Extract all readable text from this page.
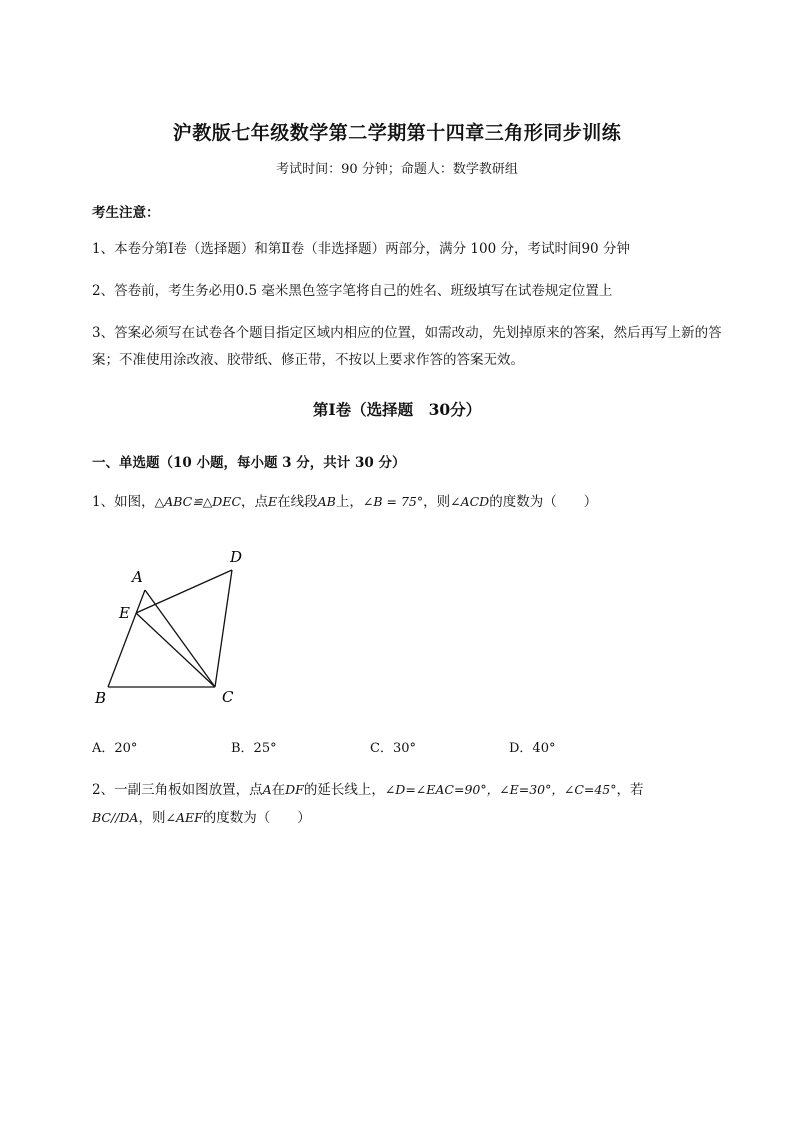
沪教版七年级数学第二学期第十四章三角形同步训练
考试时间：90 分钟；命题人：数学教研组
考生注意：
1、本卷分第Ⅰ卷（选择题）和第Ⅱ卷（非选择题）两部分，满分 100 分，考试时间90 分钟
2、答卷前，考生务必用0.5 毫米黑色签字笔将自己的姓名、班级填写在试卷规定位置上
3、答案必须写在试卷各个题目指定区域内相应的位置，如需改动，先划掉原来的答案，然后再写上新的答案；不准使用涂改液、胶带纸、修正带，不按以上要求作答的答案无效。
第Ⅰ卷（选择题　30分）
一、单选题（10 小题，每小题 3 分，共计 30 分）
1、如图，△ABC≌△DEC，点E在线段AB上，∠B = 75°，则∠ACD的度数为（　　）
A
E
D
B	C
A．20°	B．25°	C．30°	D．40°
2、一副三角板如图放置，点A在DF的延长线上，∠D=∠EAC=90°，∠E=30°，∠C=45°，若
BC//DA，则∠AEF的度数为（　　）
